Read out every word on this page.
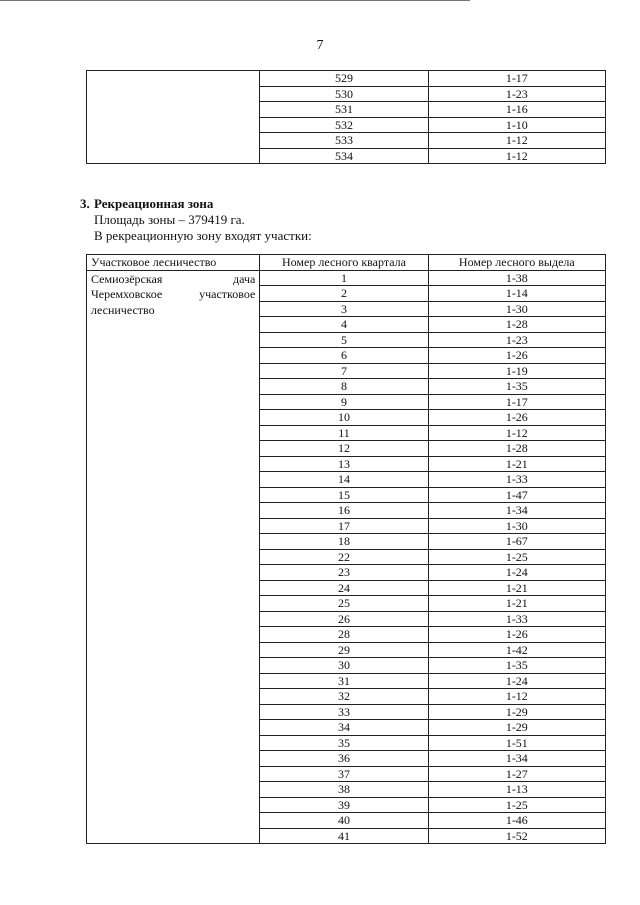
7
	529	1-17
	530	1-23
	531	1-16
	532	1-10
	533	1-12
	534	1-12
3. Рекреационная зона
Площадь зоны – 379419 га.
В рекреационную зону входят участки:
Участковое лесничество	Номер лесного квартала	Номер лесного выдела

Семиозёрская дача
Черемховское участковое
лесничество	1	1-38
	2	1-14
	3	1-30
	4	1-28
	5	1-23
	6	1-26
	7	1-19
	8	1-35
	9	1-17
	10	1-26
	11	1-12
	12	1-28
	13	1-21
	14	1-33
	15	1-47
	16	1-34
	17	1-30
	18	1-67
	22	1-25
	23	1-24
	24	1-21
	25	1-21
	26	1-33
	28	1-26
	29	1-42
	30	1-35
	31	1-24
	32	1-12
	33	1-29
	34	1-29
	35	1-51
	36	1-34
	37	1-27
	38	1-13
	39	1-25
	40	1-46
	41	1-52
